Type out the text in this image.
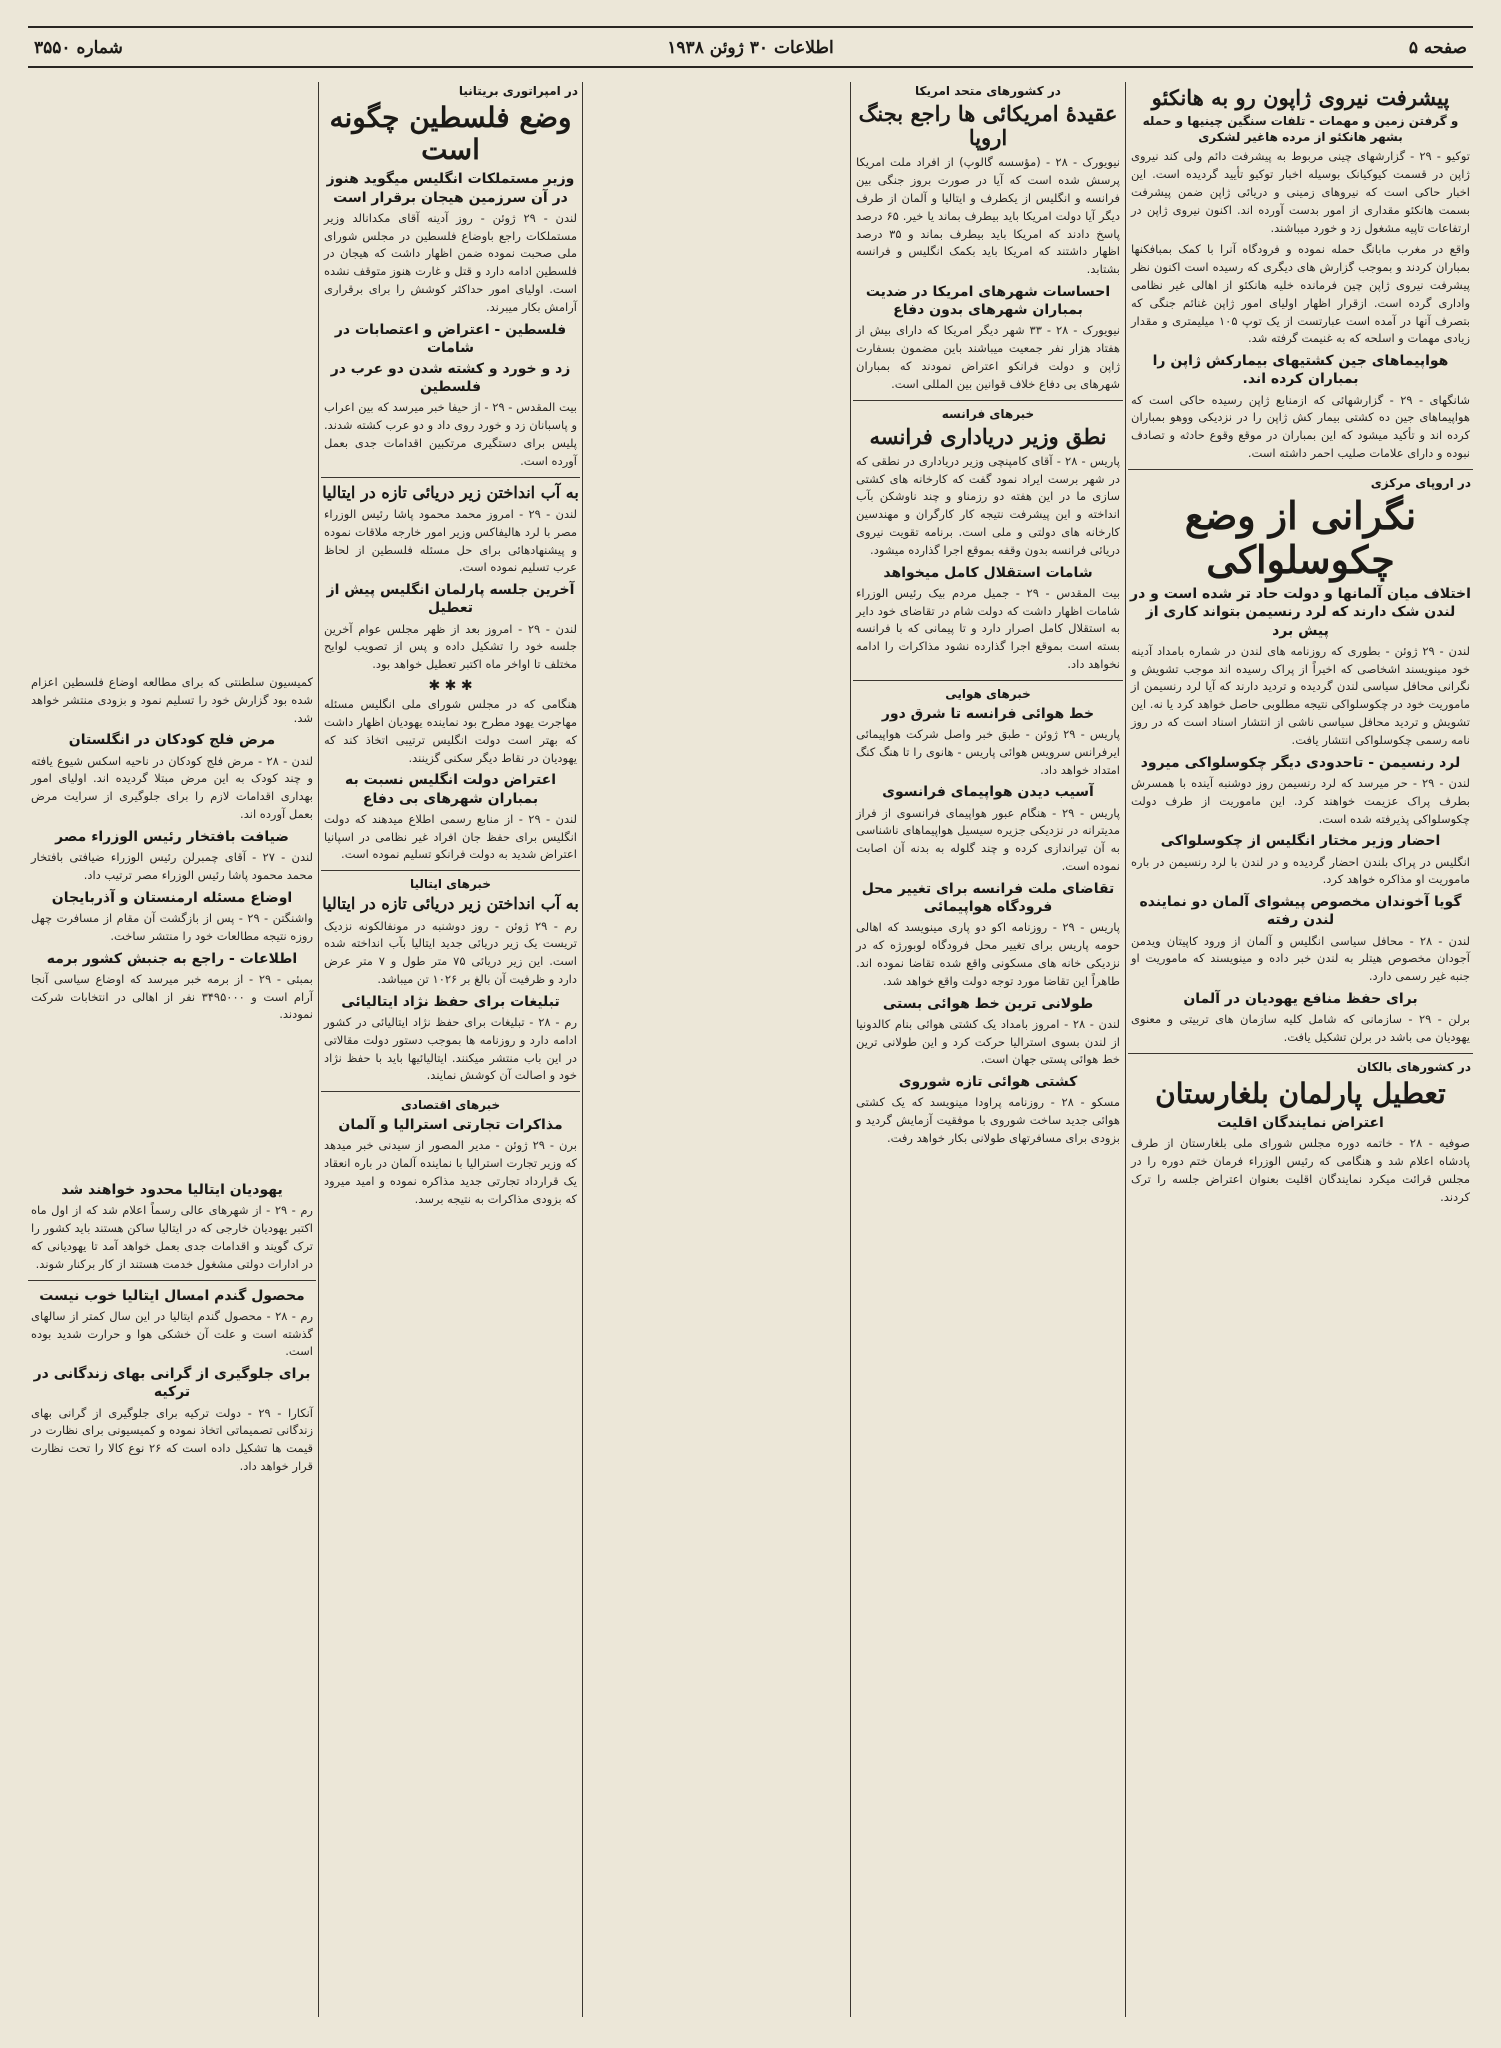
صفحه ۵
اطلاعات ۳۰ ژوئن ۱۹۳۸
شماره ۳۵۵۰
پیشرفت نیروی ژاپون رو به هانکئو
و گرفتن زمین و مهمات - تلفات سنگین چینیها و حمله بشهر هانکئو از مرده هاغیر لشکری
توکیو - ۲۹ - گزارشهای چینی مربوط به پیشرفت دائم ولی کند نیروی ژاپن در قسمت کیوکیانک بوسیله اخبار توکیو تأیید گردیده است. این اخبار حاکی است که نیروهای زمینی و دریائی ژاپن ضمن پیشرفت بسمت هانکئو مقداری از امور بدست آورده اند. اکنون نیروی ژاپن در ارتفاعات تاپیه مشغول زد و خورد میباشند.
واقع در مغرب مابانگ حمله نموده و فرودگاه آنرا با کمک بمبافکنها بمباران کردند و بموجب گزارش های دیگری که رسیده است اکنون نظر پیشرفت نیروی ژاپن چین فرمانده خلیه هانکئو از اهالی غیر نظامی واداری گرده است. ازقرار اظهار اولیای امور ژاپن غنائم جنگی که بتصرف آنها در آمده است عبارتست از یک توپ ۱۰۵ میلیمتری و مقدار زیادی مهمات و اسلحه که به غنیمت گرفته شد.
هواپیماهای جین کشتیهای بیمارکش ژاپن را بمباران کرده اند.
شانگهای - ۲۹ - گزارشهائی که ازمنابع ژاپن رسیده حاکی است که هواپیماهای جین ده کشتی بیمار کش ژاپن را در نزدیکی ووهو بمباران کرده اند و تأکید میشود که این بمباران در موقع وقوع حادثه و تصادف نبوده و دارای علامات صلیب احمر داشته است.
در اروپای مرکزی
نگرانی از وضع چکوسلواکی
اختلاف میان آلمانها و دولت حاد تر شده است و در لندن شک دارند که لرد رنسیمن بتواند کاری از پیش برد
لندن - ۲۹ ژوئن - بطوری که روزنامه های لندن در شماره بامداد آدینه خود مینویسند اشخاصی که اخیراً از پراک رسیده اند موجب تشویش و نگرانی محافل سیاسی لندن گردیده و تردید دارند که آیا لرد رنسیمن از ماموریت خود در چکوسلواکی نتیجه مطلوبی حاصل خواهد کرد یا نه. این تشویش و تردید محافل سیاسی ناشی از انتشار اسناد است که در روز نامه رسمی چکوسلواکی انتشار یافت.
لرد رنسیمن - تاحدودی دیگر چکوسلواکی میرود
لندن - ۲۹ - حر میرسد که لرد رنسیمن روز دوشنبه آینده با همسرش بطرف پراک عزیمت خواهند کرد. این ماموریت از طرف دولت چکوسلواکی پذیرفته شده است.
احضار وزیر مختار انگلیس از چکوسلواکی
انگلیس در پراک بلندن احضار گردیده و در لندن با لرد رنسیمن در باره ماموریت او مذاکره خواهد کرد.
گویا آخوندان مخصوص پیشوای آلمان دو نماینده لندن رفته
لندن - ۲۸ - محافل سیاسی انگلیس و آلمان از ورود کاپیتان ویدمن آجودان مخصوص هیتلر به لندن خبر داده و مینویسند که ماموریت او جنبه غیر رسمی دارد.
برای حفظ منافع یهودیان در آلمان
برلن - ۲۹ - سازمانی که شامل کلیه سازمان های تربیتی و معنوی یهودیان می باشد در برلن تشکیل یافت.
در کشورهای بالکان
تعطیل پارلمان بلغارستان
اعتراض نمایندگان اقلیت
صوفیه - ۲۸ - خاتمه دوره مجلس شورای ملی بلغارستان از طرف پادشاه اعلام شد و هنگامی که رئیس الوزراء فرمان ختم دوره را در مجلس قرائت میکرد نمایندگان اقلیت بعنوان اعتراض جلسه را ترک کردند.
در کشورهای متحد امریکا
عقیدهٔ امریکائی ها راجع بجنگ اروپا
نیویورک - ۲۸ - (مؤسسه گالوپ) از افراد ملت امریکا پرسش شده است که آیا در صورت بروز جنگی بین فرانسه و انگلیس از یکطرف و ایتالیا و آلمان از طرف دیگر آیا دولت امریکا باید بیطرف بماند یا خیر. ۶۵ درصد پاسخ دادند که امریکا باید بیطرف بماند و ۳۵ درصد اظهار داشتند که امریکا باید بکمک انگلیس و فرانسه بشتابد.
احساسات شهرهای امریکا در ضدیت بمباران شهرهای بدون دفاع
نیویورک - ۲۸ - ۳۳ شهر دیگر امریکا که دارای بیش از هفتاد هزار نفر جمعیت میباشند باین مضمون بسفارت ژاپن و دولت فرانکو اعتراض نمودند که بمباران شهرهای بی دفاع خلاف قوانین بین المللی است.
خبرهای فرانسه
نطق وزیر دریاداری فرانسه
پاریس - ۲۸ - آقای کامپنچی وزیر دریاداری در نطقی که در شهر برست ایراد نمود گفت که کارخانه های کشتی سازی ما در این هفته دو رزمناو و چند ناوشکن بآب انداخته و این پیشرفت نتیجه کار کارگران و مهندسین کارخانه های دولتی و ملی است. برنامه تقویت نیروی دریائی فرانسه بدون وقفه بموقع اجرا گذارده میشود.
شامات استقلال کامل میخواهد
بیت المقدس - ۲۹ - جمیل مردم بیک رئیس الوزراء شامات اظهار داشت که دولت شام در تقاضای خود دایر به استقلال کامل اصرار دارد و تا پیمانی که با فرانسه بسته است بموقع اجرا گذارده نشود مذاکرات را ادامه نخواهد داد.
خبرهای هوایی
خط هوائی فرانسه تا شرق دور
پاریس - ۲۹ ژوئن - طبق خبر واصل شرکت هواپیمائی ایرفرانس سرویس هوائی پاریس - هانوی را تا هنگ کنگ امتداد خواهد داد.
آسیب دیدن هواپیمای فرانسوی
پاریس - ۲۹ - هنگام عبور هواپیمای فرانسوی از فراز مدیترانه در نزدیکی جزیره سیسیل هواپیماهای ناشناسی به آن تیراندازی کرده و چند گلوله به بدنه آن اصابت نموده است.
تقاضای ملت فرانسه برای تغییر محل فرودگاه هواپیمائی
پاریس - ۲۹ - روزنامه اکو دو پاری مینویسد که اهالی حومه پاریس برای تغییر محل فرودگاه لوبورژه که در نزدیکی خانه های مسکونی واقع شده تقاضا نموده اند. طاهراً این تقاضا مورد توجه دولت واقع خواهد شد.
طولانی ترین خط هوائی بستی
لندن - ۲۸ - امروز بامداد یک کشتی هوائی بنام کالدونیا از لندن بسوی استرالیا حرکت کرد و این طولانی ترین خط هوائی پستی جهان است.
کشتی هوائی تازه شوروی
مسکو - ۲۸ - روزنامه پراودا مینویسد که یک کشتی هوائی جدید ساخت شوروی با موفقیت آزمایش گردید و بزودی برای مسافرتهای طولانی بکار خواهد رفت.
در امپراتوری بریتانیا
وضع فلسطین چگونه است
وزیر مستملکات انگلیس میگوید هنوز در آن سرزمین هیجان برقرار است
لندن - ۲۹ ژوئن - روز آدینه آقای مکدانالد وزیر مستملکات راجع باوضاع فلسطین در مجلس شورای ملی صحبت نموده ضمن اظهار داشت که هیجان در فلسطین ادامه دارد و قتل و غارت هنوز متوقف نشده است. اولیای امور حداکثر کوشش را برای برقراری آرامش بکار میبرند.
فلسطین - اعتراض و اعتصابات در شامات
زد و خورد و کشته شدن دو عرب در فلسطین
بیت المقدس - ۲۹ - از حیفا خبر میرسد که بین اعراب و پاسبانان زد و خورد روی داد و دو عرب کشته شدند. پلیس برای دستگیری مرتکبین اقدامات جدی بعمل آورده است.
به آب انداختن زیر دریائی تازه در ایتالیا
لندن - ۲۹ - امروز محمد محمود پاشا رئیس الوزراء مصر با لرد هالیفاکس وزیر امور خارجه ملاقات نموده و پیشنهادهائی برای حل مسئله فلسطین از لحاظ عرب تسلیم نموده است.
آخرین جلسه پارلمان انگلیس پیش از تعطیل
لندن - ۲۹ - امروز بعد از ظهر مجلس عوام آخرین جلسه خود را تشکیل داده و پس از تصویب لوایح مختلف تا اواخر ماه اکتبر تعطیل خواهد بود.
✱ ✱ ✱
هنگامی که در مجلس شورای ملی انگلیس مسئله مهاجرت یهود مطرح بود نماینده یهودیان اظهار داشت که بهتر است دولت انگلیس ترتیبی اتخاذ کند که یهودیان در نقاط دیگر سکنی گزینند.
اعتراض دولت انگلیس نسبت به بمباران شهرهای بی دفاع
لندن - ۲۹ - از منابع رسمی اطلاع میدهند که دولت انگلیس برای حفظ جان افراد غیر نظامی در اسپانیا اعتراض شدید به دولت فرانکو تسلیم نموده است.
خبرهای ایتالیا
به آب انداختن زیر دریائی تازه در ایتالیا
رم - ۲۹ ژوئن - روز دوشنبه در مونفالکونه نزدیک تریست یک زیر دریائی جدید ایتالیا بآب انداخته شده است. این زیر دریائی ۷۵ متر طول و ۷ متر عرض دارد و ظرفیت آن بالغ بر ۱۰۲۶ تن میباشد.
تبلیغات برای حفظ نژاد ایتالیائی
رم - ۲۸ - تبلیغات برای حفظ نژاد ایتالیائی در کشور ادامه دارد و روزنامه ها بموجب دستور دولت مقالاتی در این باب منتشر میکنند. ایتالیائیها باید با حفظ نژاد خود و اصالت آن کوشش نمایند.
خبرهای اقتصادی
مذاکرات تجارتی استرالیا و آلمان
برن - ۲۹ ژوئن - مدیر المصور از سیدنی خبر میدهد که وزیر تجارت استرالیا با نماینده آلمان در باره انعقاد یک قرارداد تجارتی جدید مذاکره نموده و امید میرود که بزودی مذاکرات به نتیجه برسد.
کمیسیون سلطنتی که برای مطالعه اوضاع فلسطین اعزام شده بود گزارش خود را تسلیم نمود و بزودی منتشر خواهد شد.
مرض فلج کودکان در انگلستان
لندن - ۲۸ - مرض فلج کودکان در ناحیه اسکس شیوع یافته و چند کودک به این مرض مبتلا گردیده اند. اولیای امور بهداری اقدامات لازم را برای جلوگیری از سرایت مرض بعمل آورده اند.
ضیافت بافتخار رئیس الوزراء مصر
لندن - ۲۷ - آقای چمبرلن رئیس الوزراء ضیافتی بافتخار محمد محمود پاشا رئیس الوزراء مصر ترتیب داد.
اوضاع مسئله ارمنستان و آذربایجان
واشنگتن - ۲۹ - پس از بازگشت آن مقام از مسافرت چهل روزه نتیجه مطالعات خود را منتشر ساخت.
اطلاعات - راجع به جنبش کشور برمه
بمبئی - ۲۹ - از برمه خبر میرسد که اوضاع سیاسی آنجا آرام است و ۳۴۹۵۰۰۰ نفر از اهالی در انتخابات شرکت نمودند.
یهودیان ایتالیا محدود خواهند شد
رم - ۲۹ - از شهرهای عالی رسماً اعلام شد که از اول ماه اکتبر یهودیان خارجی که در ایتالیا ساکن هستند باید کشور را ترک گویند و اقدامات جدی بعمل خواهد آمد تا یهودیانی که در ادارات دولتی مشغول خدمت هستند از کار برکنار شوند.
محصول گندم امسال ایتالیا خوب نیست
رم - ۲۸ - محصول گندم ایتالیا در این سال کمتر از سالهای گذشته است و علت آن خشکی هوا و حرارت شدید بوده است.
برای جلوگیری از گرانی بهای زندگانی در ترکیه
آنکارا - ۲۹ - دولت ترکیه برای جلوگیری از گرانی بهای زندگانی تصمیماتی اتخاذ نموده و کمیسیونی برای نظارت در قیمت ها تشکیل داده است که ۲۶ نوع کالا را تحت نظارت قرار خواهد داد.
